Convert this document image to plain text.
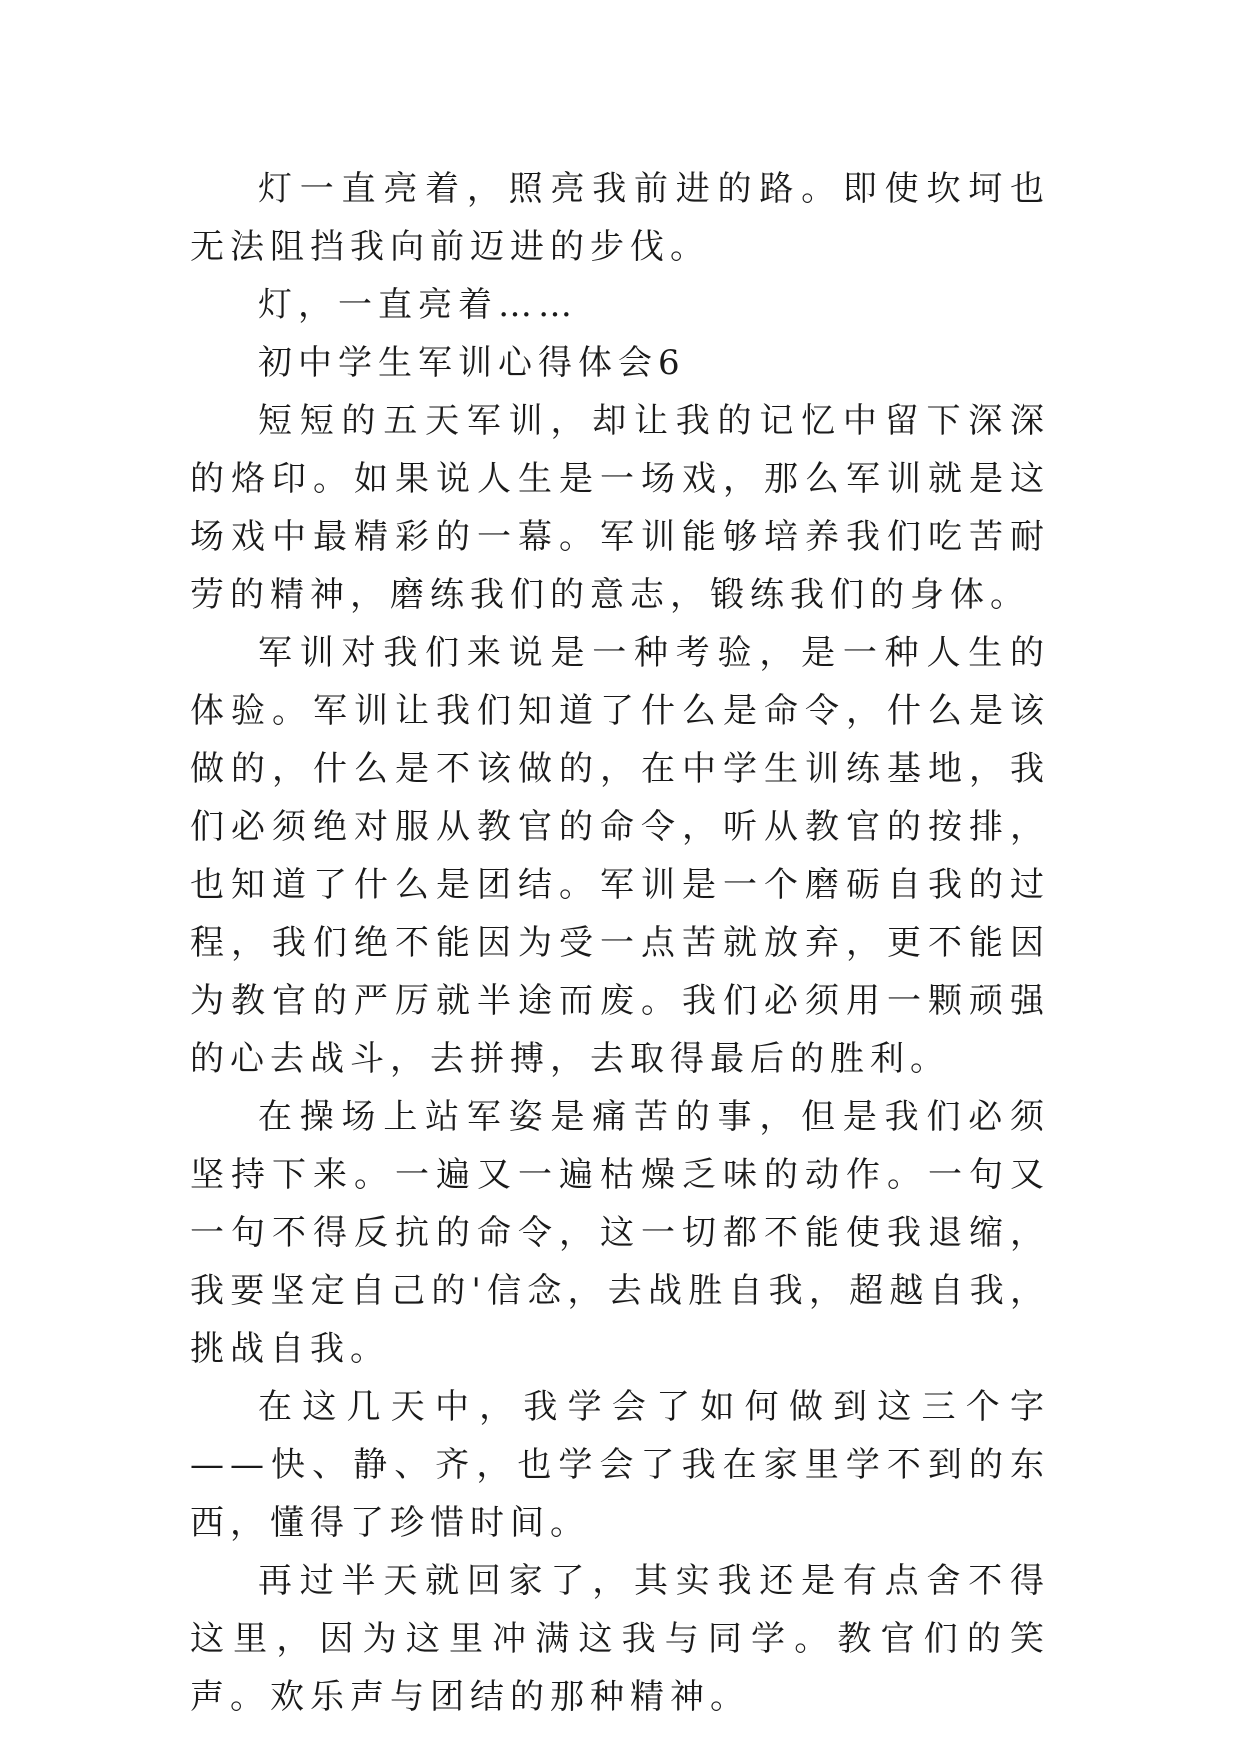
灯一直亮着，照亮我前进的路。即使坎坷也无法阻挡我向前迈进的步伐。

灯，一直亮着……

初中学生军训心得体会6

短短的五天军训，却让我的记忆中留下深深的烙印。如果说人生是一场戏，那么军训就是这场戏中最精彩的一幕。军训能够培养我们吃苦耐劳的精神，磨练我们的意志，锻练我们的身体。

军训对我们来说是一种考验，是一种人生的体验。军训让我们知道了什么是命令，什么是该做的，什么是不该做的，在中学生训练基地，我们必须绝对服从教官的命令，听从教官的按排，也知道了什么是团结。军训是一个磨砺自我的过程，我们绝不能因为受一点苦就放弃，更不能因为教官的严厉就半途而废。我们必须用一颗顽强的心去战斗，去拼搏，去取得最后的胜利。

在操场上站军姿是痛苦的事，但是我们必须坚持下来。一遍又一遍枯燥乏味的动作。一句又一句不得反抗的命令，这一切都不能使我退缩，我要坚定自己的'信念，去战胜自我，超越自我，挑战自我。

在这几天中，我学会了如何做到这三个字——快、静、齐，也学会了我在家里学不到的东西，懂得了珍惜时间。

再过半天就回家了，其实我还是有点舍不得这里，因为这里冲满这我与同学。教官们的笑声。欢乐声与团结的那种精神。
